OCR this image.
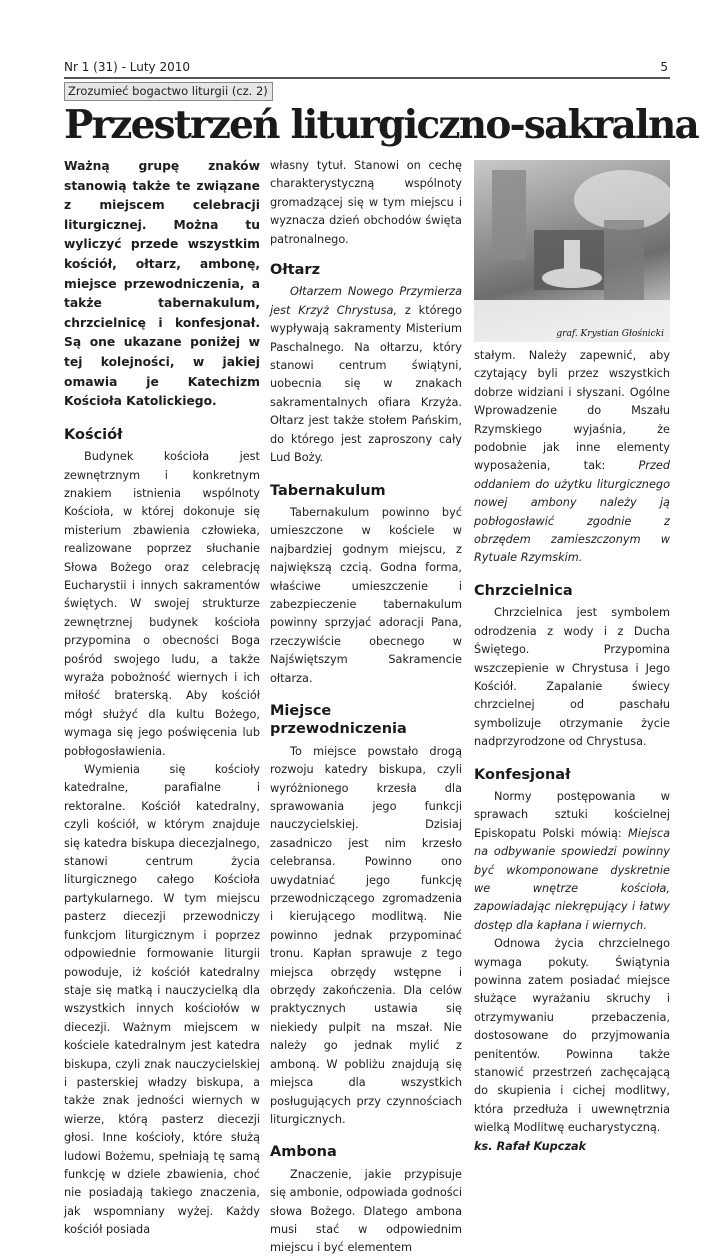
Nr 1 (31) - Luty 2010	5
Zrozumieć bogactwo liturgii (cz. 2)
Przestrzeń liturgiczno-sakralna

Ważną grupę znaków stanowią także te związane z miejscem celebracji liturgicznej. Można tu wyliczyć przede wszystkim kościół, ołtarz, ambonę, miejsce przewodniczenia, a także tabernakulum, chrzcielnicę i konfesjonał. Są one ukazane poniżej w tej kolejności, w jakiej omawia je Katechizm Kościoła Katolickiego.

Kościół

Budynek kościoła jest zewnętrznym i konkretnym znakiem istnienia wspólnoty Kościoła, w której dokonuje się misterium zbawienia człowieka, realizowane poprzez słuchanie Słowa Bożego oraz celebrację Eucharystii i innych sakramentów świętych. W swojej strukturze zewnętrznej budynek kościoła przypomina o obecności Boga pośród swojego ludu, a także wyraża pobożność wiernych i ich miłość braterską. Aby kościół mógł służyć dla kultu Bożego, wymaga się jego poświęcenia lub pobłogosławienia.

Wymienia się kościoły katedralne, parafialne i rektoralne. Kościół katedralny, czyli kościół, w którym znajduje się katedra biskupa diecezjalnego, stanowi centrum życia liturgicznego całego Kościoła partykularnego. W tym miejscu pasterz diecezji przewodniczy funkcjom liturgicznym i poprzez odpowiednie formowanie liturgii powoduje, iż kościół katedralny staje się matką i nauczycielką dla wszystkich innych kościołów w diecezji. Ważnym miejscem w kościele katedralnym jest katedra biskupa, czyli znak nauczycielskiej i pasterskiej władzy biskupa, a także znak jedności wiernych w wierze, którą pasterz diecezji głosi. Inne kościoły, które służą ludowi Bożemu, spełniają tę samą funkcję w dziele zbawienia, choć nie posiadają takiego znaczenia, jak wspomniany wyżej. Każdy kościół posiada

własny tytuł. Stanowi on cechę charakterystyczną wspólnoty gromadzącej się w tym miejscu i wyznacza dzień obchodów święta patronalnego.

Ołtarz

Ołtarzem Nowego Przymierza jest Krzyż Chrystusa, z którego wypływają sakramenty Misterium Paschalnego. Na ołtarzu, który stanowi centrum świątyni, uobecnia się w znakach sakramentalnych ofiara Krzyża. Ołtarz jest także stołem Pańskim, do którego jest zaproszony cały Lud Boży.

Tabernakulum

Tabernakulum powinno być umieszczone w kościele w najbardziej godnym miejscu, z największą czcią. Godna forma, właściwe umieszczenie i zabezpieczenie tabernakulum powinny sprzyjać adoracji Pana, rzeczywiście obecnego w Najświętszym Sakramencie ołtarza.

Miejsce przewodniczenia

To miejsce powstało drogą rozwoju katedry biskupa, czyli wyróżnionego krzesła dla sprawowania jego funkcji nauczycielskiej. Dzisiaj zasadniczo jest nim krzesło celebransa. Powinno ono uwydatniać jego funkcję przewodniczącego zgromadzenia i kierującego modlitwą. Nie powinno jednak przypominać tronu. Kapłan sprawuje z tego miejsca obrzędy wstępne i obrzędy zakończenia. Dla celów praktycznych ustawia się niekiedy pulpit na mszał. Nie należy go jednak mylić z amboną. W pobliżu znajdują się miejsca dla wszystkich posługujących przy czynnościach liturgicznych.

Ambona

Znaczenie, jakie przypisuje się ambonie, odpowiada godności słowa Bożego. Dlatego ambona musi stać w odpowiednim miejscu i być elementem

graf. Krystian Głośnicki

stałym. Należy zapewnić, aby czytający byli przez wszystkich dobrze widziani i słyszani. Ogólne Wprowadzenie do Mszału Rzymskiego wyjaśnia, że podobnie jak inne elementy wyposażenia, tak: Przed oddaniem do użytku liturgicznego nowej ambony należy ją pobłogosławić zgodnie z obrzędem zamieszczonym w Rytuale Rzymskim.

Chrzcielnica

Chrzcielnica jest symbolem odrodzenia z wody i z Ducha Świętego. Przypomina wszczepienie w Chrystusa i Jego Kościół. Zapalanie świecy chrzcielnej od paschału symbolizuje otrzymanie życie nadprzyrodzone od Chrystusa.

Konfesjonał

Normy postępowania w sprawach sztuki kościelnej Episkopatu Polski mówią: Miejsca na odbywanie spowiedzi powinny być wkomponowane dyskretnie we wnętrze kościoła, zapowiadając niekrępujący i łatwy dostęp dla kapłana i wiernych.

Odnowa życia chrzcielnego wymaga pokuty. Świątynia powinna zatem posiadać miejsce służące wyrażaniu skruchy i otrzymywaniu przebaczenia, dostosowane do przyjmowania penitentów. Powinna także stanowić przestrzeń zachęcającą do skupienia i cichej modlitwy, która przedłuża i uwewnętrznia wielką Modlitwę eucharystyczną.

ks. Rafał Kupczak
